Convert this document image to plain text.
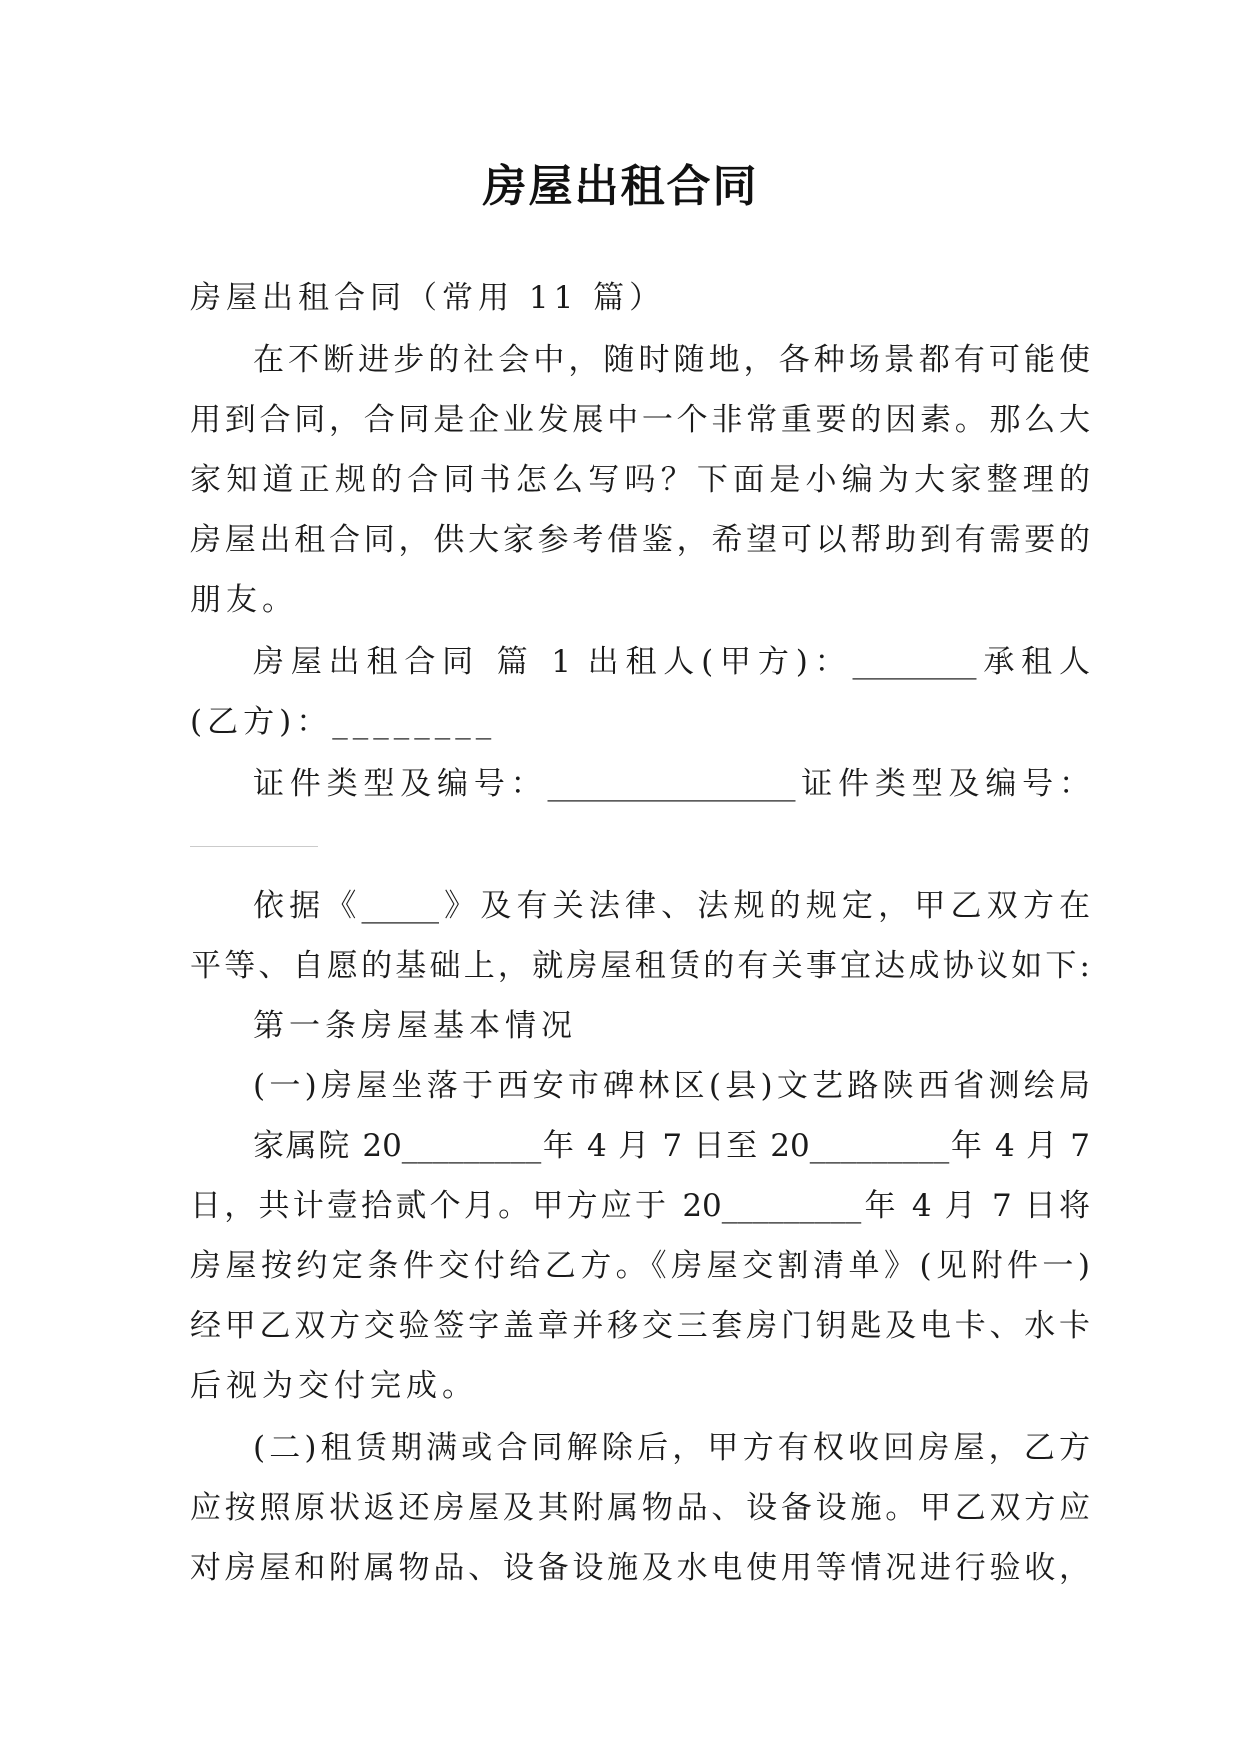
房屋出租合同
房屋出租合同（常用 11 篇）
在不断进步的社会中，随时随地，各种场景都有可能使
用到合同，合同是企业发展中一个非常重要的因素。那么大
家知道正规的合同书怎么写吗？下面是小编为大家整理的
房屋出租合同，供大家参考借鉴，希望可以帮助到有需要的
朋友。
房屋出租合同 篇 1 出租人(甲方)：________承租人
(乙方)：________
证件类型及编号：________________证件类型及编号：
________________
依据《_____》及有关法律、法规的规定，甲乙双方在
平等、自愿的基础上，就房屋租赁的有关事宜达成协议如下:
第一条房屋基本情况
(一)房屋坐落于西安市碑林区(县)文艺路陕西省测绘局
家属院 20_________年 4 月 7 日至 20_________年 4 月 7
日，共计壹拾贰个月。甲方应于 20_________年 4 月 7 日将
房屋按约定条件交付给乙方。《房屋交割清单》(见附件一)
经甲乙双方交验签字盖章并移交三套房门钥匙及电卡、水卡
后视为交付完成。
(二)租赁期满或合同解除后，甲方有权收回房屋，乙方
应按照原状返还房屋及其附属物品、设备设施。甲乙双方应
对房屋和附属物品、设备设施及水电使用等情况进行验收，
